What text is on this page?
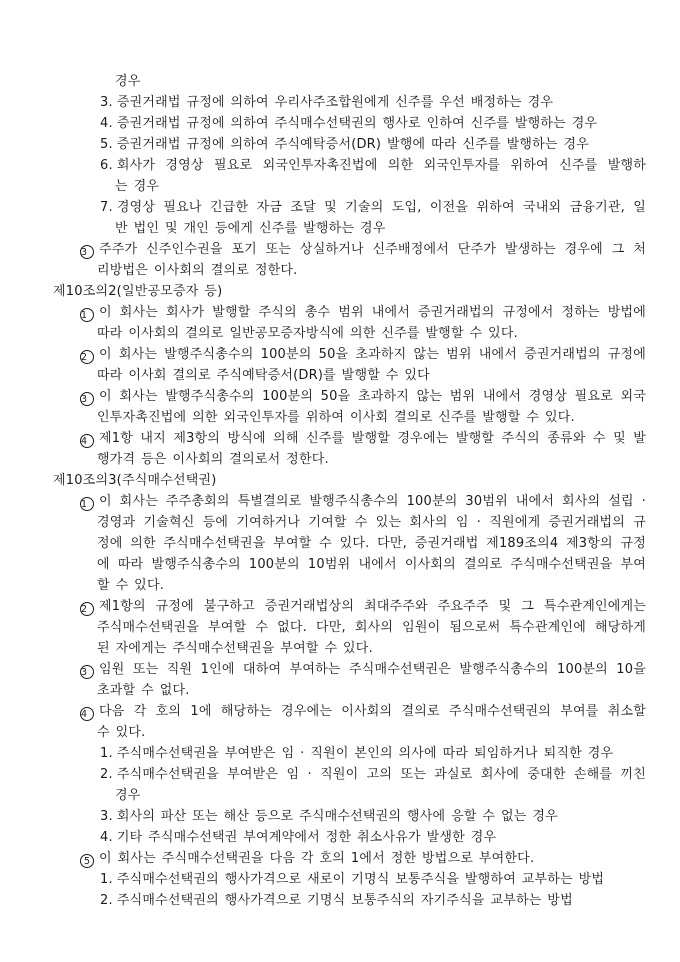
경우
3. 증권거래법 규정에 의하여 우리사주조합원에게 신주를 우선 배정하는 경우
4. 증권거래법 규정에 의하여 주식매수선택권의 행사로 인하여 신주를 발행하는 경우
5. 증권거래법 규정에 의하여 주식예탁증서(DR) 발행에 따라 신주를 발행하는 경우
6. 회사가 경영상 필요로 외국인투자촉진법에 의한 외국인투자를 위하여 신주를 발행하
는 경우
7. 경영상 필요나 긴급한 자금 조달 및 기술의 도입, 이전을 위하여 국내외 금융기관, 일
반 법인 및 개인 등에게 신주를 발행하는 경우
3 주주가 신주인수권을 포기 또는 상실하거나 신주배정에서 단주가 발생하는 경우에 그 처
리방법은 이사회의 결의로 정한다.
제10조의2(일반공모증자 등)
1 이 회사는 회사가 발행할 주식의 총수 범위 내에서 증권거래법의 규정에서 정하는 방법에
따라 이사회의 결의로 일반공모증자방식에 의한 신주를 발행할 수 있다.
2 이 회사는 발행주식총수의 100분의 50을 초과하지 않는 범위 내에서 증권거래법의 규정에
따라 이사회 결의로 주식예탁증서(DR)를 발행할 수 있다
3 이 회사는 발행주식총수의 100분의 50을 초과하지 않는 범위 내에서 경영상 필요로 외국
인투자촉진법에 의한 외국인투자를 위하여 이사회 결의로 신주를 발행할 수 있다.
4 제1항 내지 제3항의 방식에 의해 신주를 발행할 경우에는 발행할 주식의 종류와 수 및 발
행가격 등은 이사회의 결의로서 정한다.
제10조의3(주식매수선택권)
1 이 회사는 주주총회의 특별결의로 발행주식총수의 100분의 30범위 내에서 회사의 설립 ·
경영과 기술혁신 등에 기여하거나 기여할 수 있는 회사의 임 · 직원에게 증권거래법의 규
정에 의한 주식매수선택권을 부여할 수 있다. 다만, 증권거래법 제189조의4 제3항의 규정
에 따라 발행주식총수의 100분의 10범위 내에서 이사회의 결의로 주식매수선택권을 부여
할 수 있다.
2 제1항의 규정에 불구하고 증권거래법상의 최대주주와 주요주주 및 그 특수관계인에게는
주식매수선택권을 부여할 수 없다. 다만, 회사의 임원이 됨으로써 특수관계인에 해당하게
된 자에게는 주식매수선택권을 부여할 수 있다.
3 임원 또는 직원 1인에 대하여 부여하는 주식매수선택권은 발행주식총수의 100분의 10을
초과할 수 없다.
4 다음 각 호의 1에 해당하는 경우에는 이사회의 결의로 주식매수선택권의 부여를 취소할
수 있다.
1. 주식매수선택권을 부여받은 임 · 직원이 본인의 의사에 따라 퇴임하거나 퇴직한 경우
2. 주식매수선택권을 부여받은 임 · 직원이 고의 또는 과실로 회사에 중대한 손해를 끼친
경우
3. 회사의 파산 또는 해산 등으로 주식매수선택권의 행사에 응할 수 없는 경우
4. 기타 주식매수선택권 부여계약에서 정한 취소사유가 발생한 경우
5 이 회사는 주식매수선택권을 다음 각 호의 1에서 정한 방법으로 부여한다.
1. 주식매수선택권의 행사가격으로 새로이 기명식 보통주식을 발행하여 교부하는 방법
2. 주식매수선택권의 행사가격으로 기명식 보통주식의 자기주식을 교부하는 방법
